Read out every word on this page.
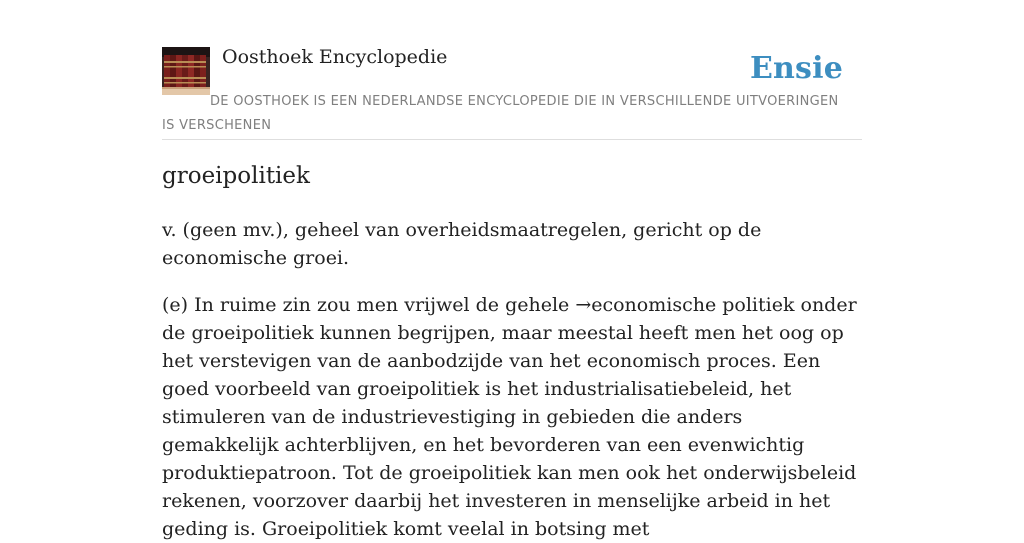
Oosthoek Encyclopedie	Ensie
DE OOSTHOEK IS EEN NEDERLANDSE ENCYCLOPEDIE DIE IN VERSCHILLENDE UITVOERINGEN IS VERSCHENEN
groeipolitiek

v. (geen mv.), geheel van overheidsmaatregelen, gericht op de economische groei.

(e) In ruime zin zou men vrijwel de gehele →economische politiek onder de groeipolitiek kunnen begrijpen, maar meestal heeft men het oog op het verstevigen van de aanbodzijde van het economisch proces. Een goed voorbeeld van groeipolitiek is het industrialisatiebeleid, het stimuleren van de industrievestiging in gebieden die anders gemakkelijk achterblijven, en het bevorderen van een evenwichtig produktiepatroon. Tot de groeipolitiek kan men ook het onderwijsbeleid rekenen, voorzover daarbij het investeren in menselijke arbeid in het geding is. Groeipolitiek komt veelal in botsing met
